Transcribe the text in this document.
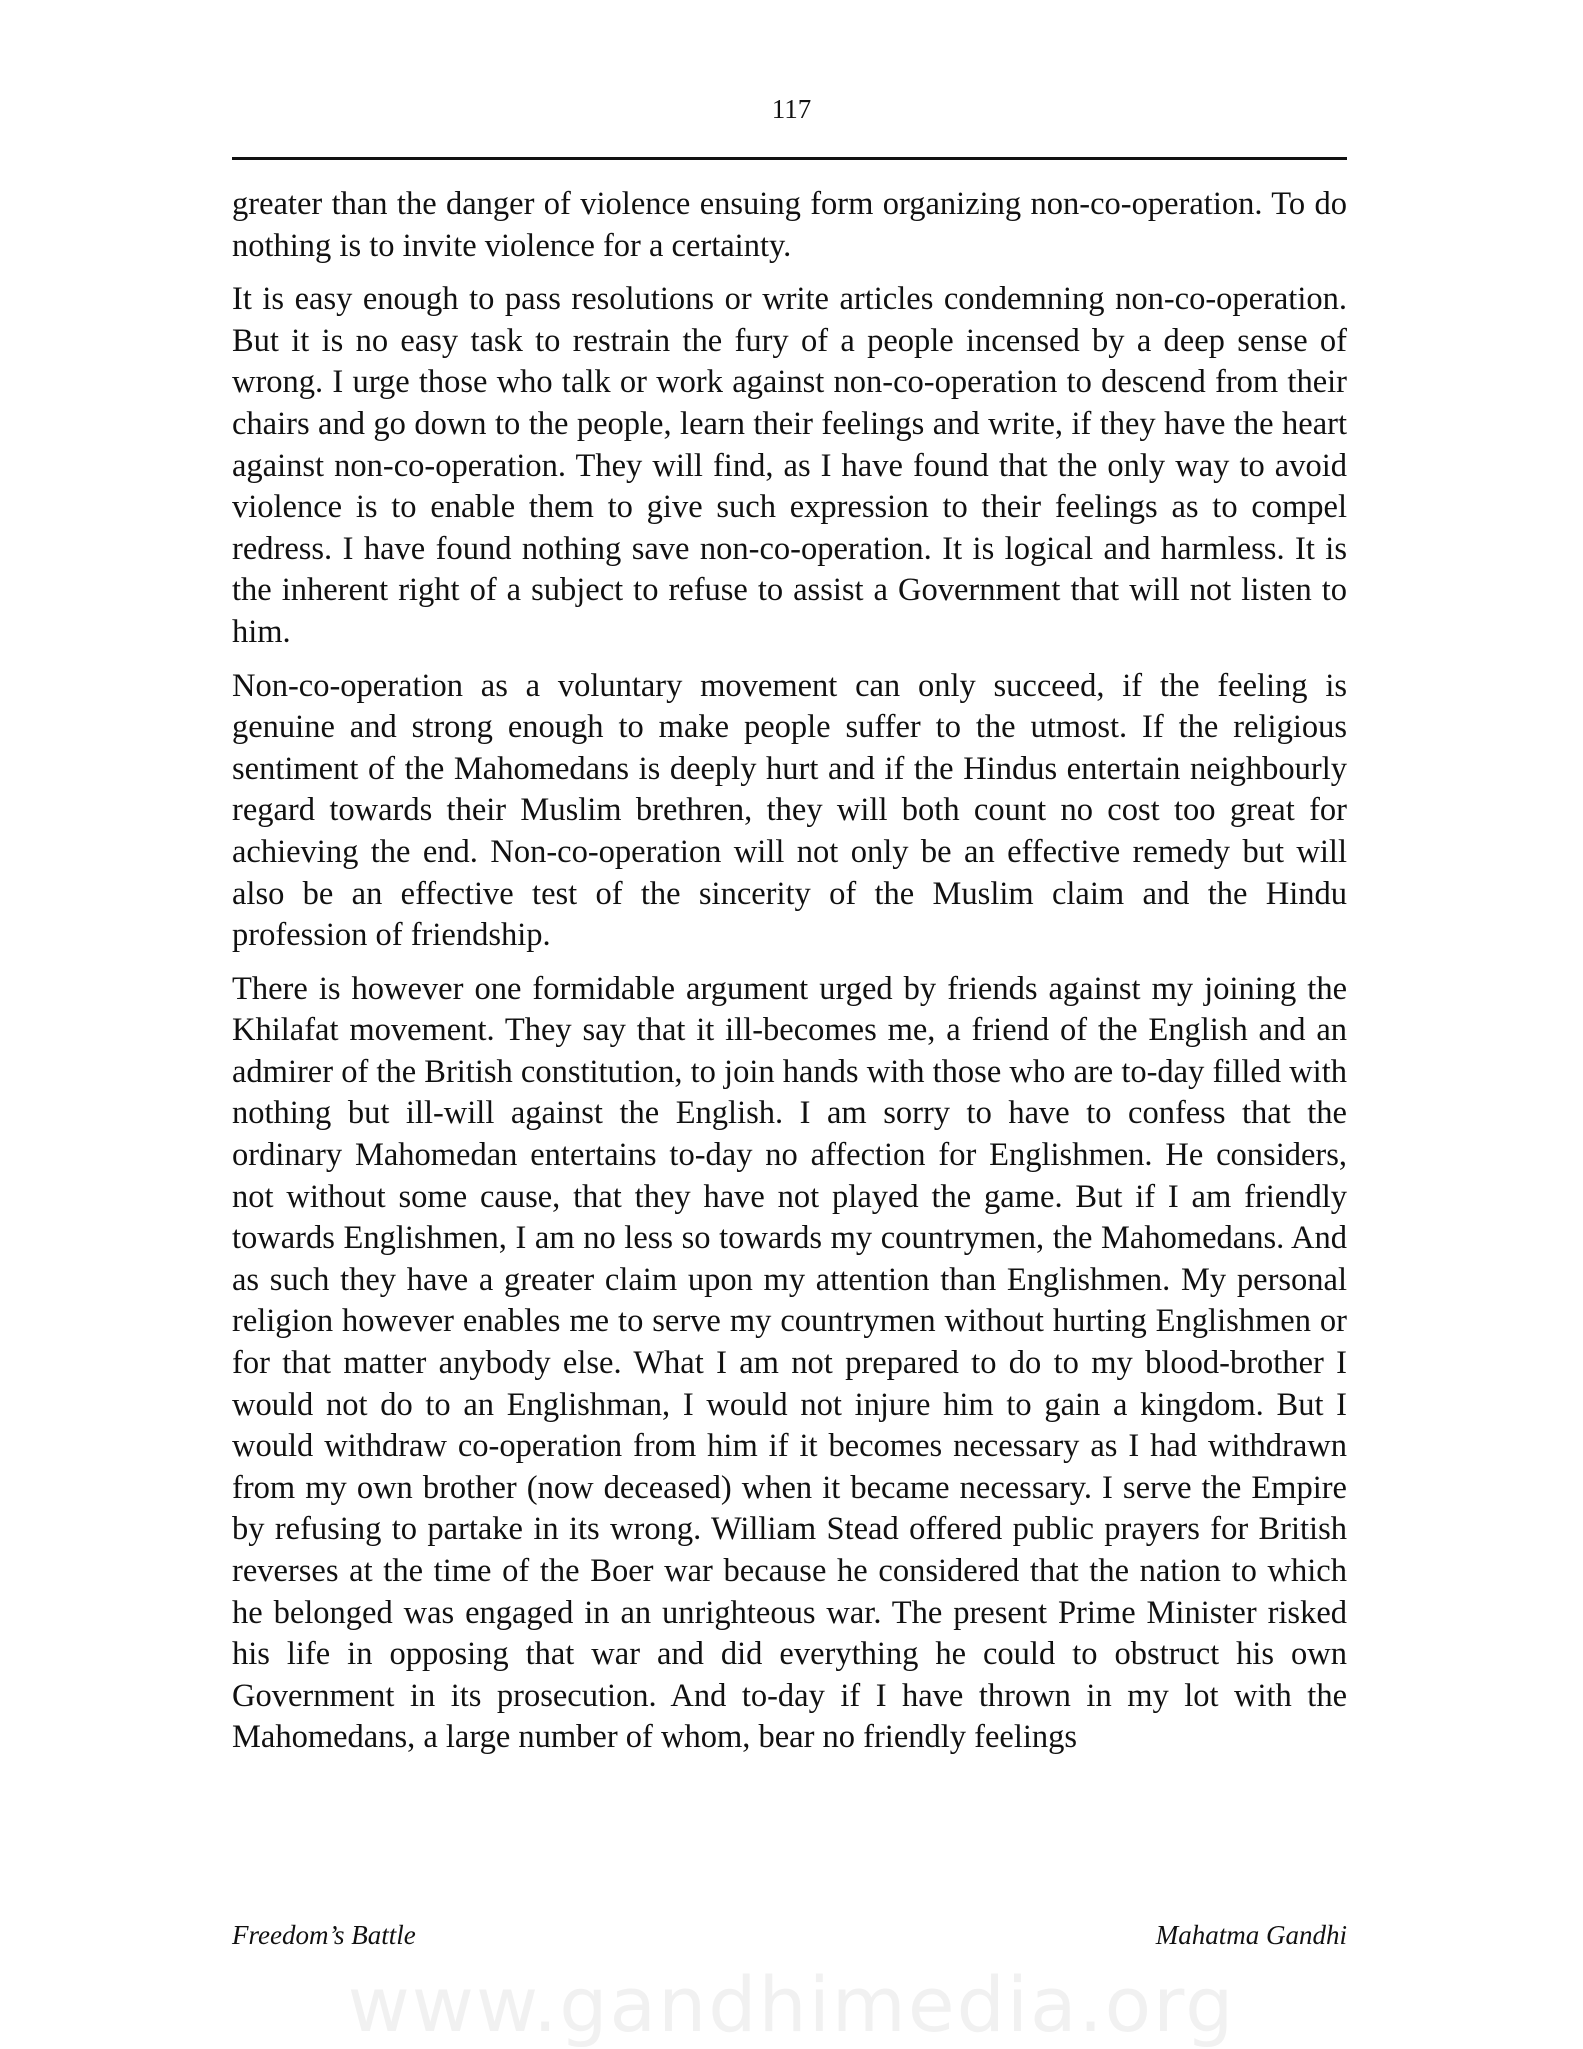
117

greater than the danger of violence ensuing form organizing non-co-operation. To do nothing is to invite violence for a certainty.

It is easy enough to pass resolutions or write articles condemning non-co-operation. But it is no easy task to restrain the fury of a people incensed by a deep sense of wrong. I urge those who talk or work against non-co-operation to descend from their chairs and go down to the people, learn their feelings and write, if they have the heart against non-co-operation. They will find, as I have found that the only way to avoid violence is to enable them to give such expression to their feelings as to compel redress. I have found nothing save non-co-operation. It is logical and harmless. It is the inherent right of a subject to refuse to assist a Government that will not listen to him.

Non-co-operation as a voluntary movement can only succeed, if the feeling is genuine and strong enough to make people suffer to the utmost. If the religious sentiment of the Mahomedans is deeply hurt and if the Hindus entertain neighbourly regard towards their Muslim brethren, they will both count no cost too great for achieving the end. Non-co-operation will not only be an effective remedy but will also be an effective test of the sincerity of the Muslim claim and the Hindu profession of friendship.

There is however one formidable argument urged by friends against my joining the Khilafat movement. They say that it ill-becomes me, a friend of the English and an admirer of the British constitution, to join hands with those who are to-day filled with nothing but ill-will against the English. I am sorry to have to confess that the ordinary Mahomedan entertains to-day no affection for Englishmen. He considers, not without some cause, that they have not played the game. But if I am friendly towards Englishmen, I am no less so towards my countrymen, the Mahomedans. And as such they have a greater claim upon my attention than Englishmen. My personal religion however enables me to serve my countrymen without hurting Englishmen or for that matter anybody else. What I am not prepared to do to my blood-brother I would not do to an Englishman, I would not injure him to gain a kingdom. But I would withdraw co-operation from him if it becomes necessary as I had withdrawn from my own brother (now deceased) when it became necessary. I serve the Empire by refusing to partake in its wrong. William Stead offered public prayers for British reverses at the time of the Boer war because he considered that the nation to which he belonged was engaged in an unrighteous war. The present Prime Minister risked his life in opposing that war and did everything he could to obstruct his own Government in its prosecution. And to-day if I have thrown in my lot with the Mahomedans, a large number of whom, bear no friendly feelings

Freedom’s Battle	Mahatma Gandhi
www.gandhimedia.org
